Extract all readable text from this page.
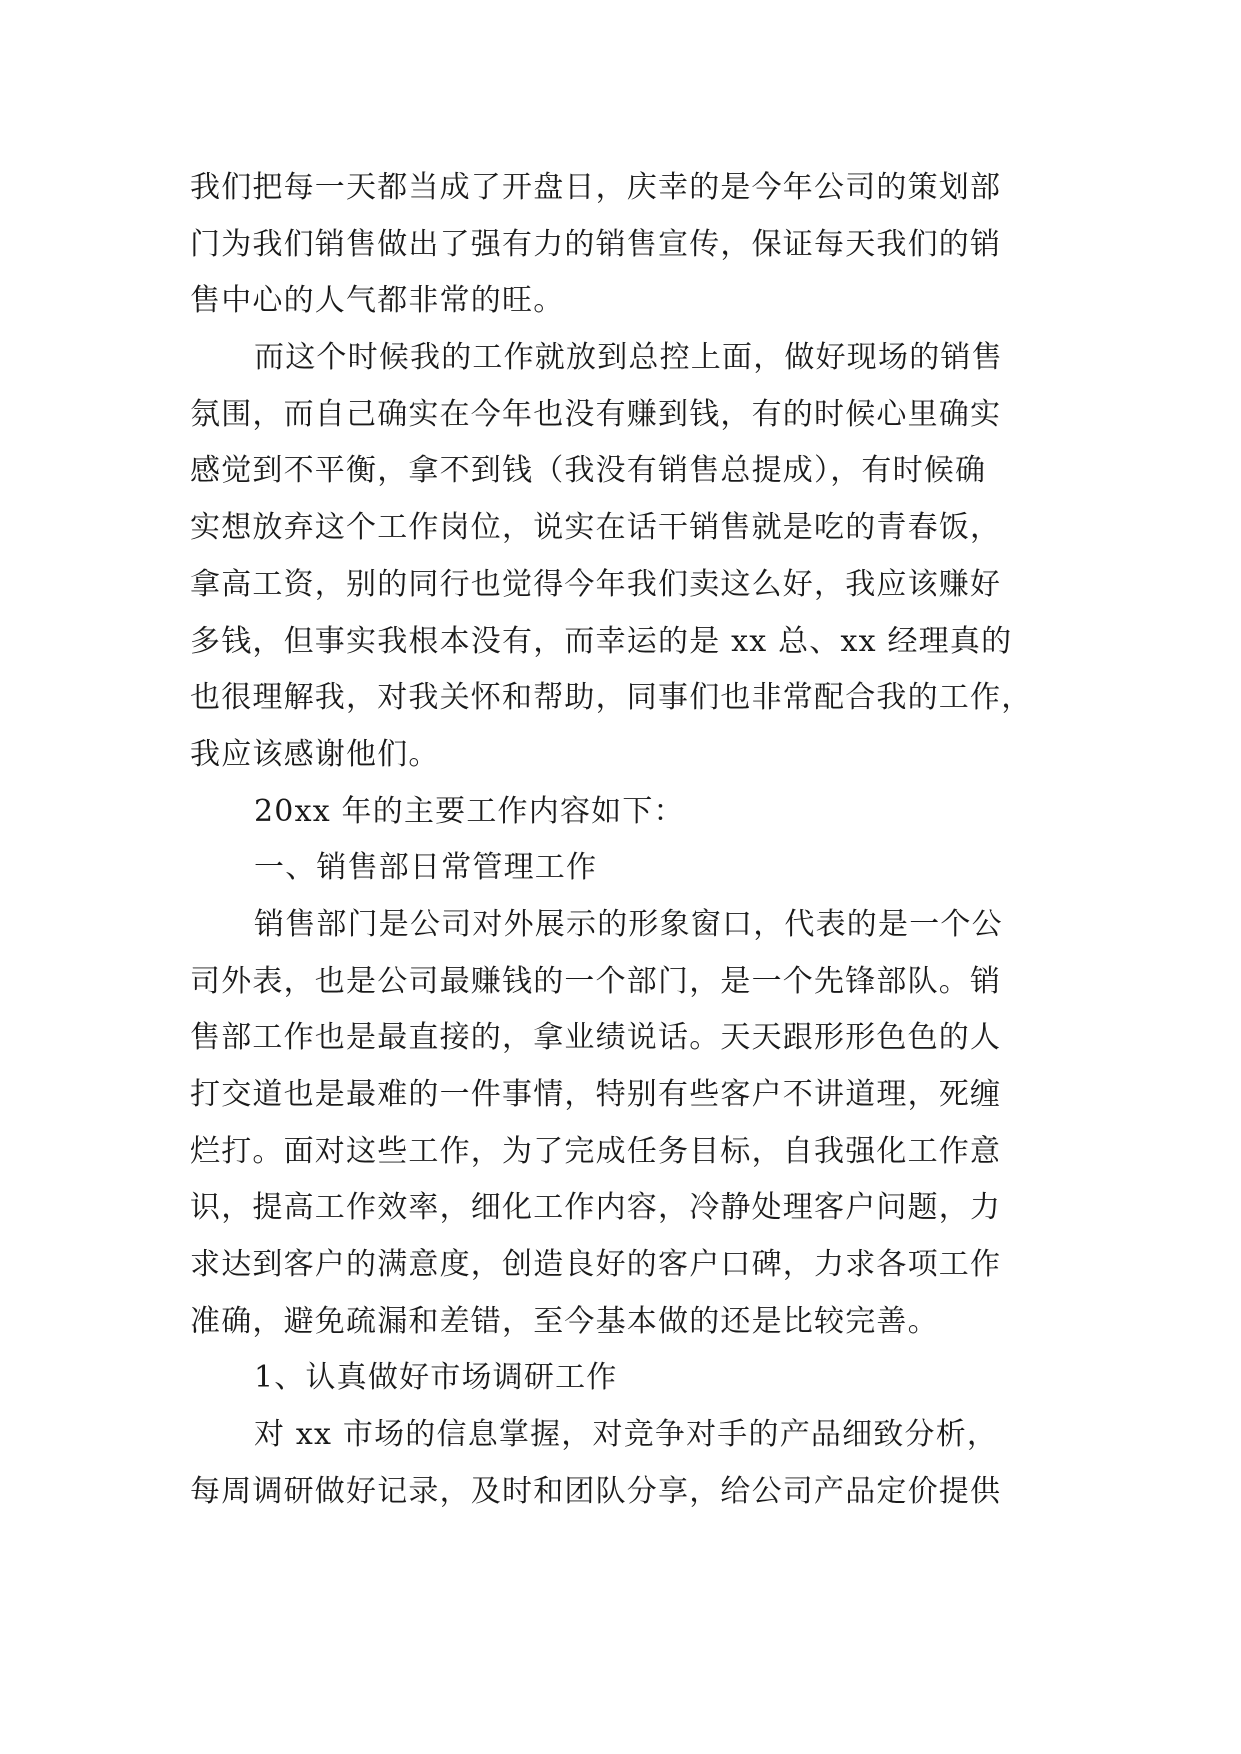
我们把每一天都当成了开盘日，庆幸的是今年公司的策划部
门为我们销售做出了强有力的销售宣传，保证每天我们的销
售中心的人气都非常的旺。
而这个时候我的工作就放到总控上面，做好现场的销售
氛围，而自己确实在今年也没有赚到钱，有的时候心里确实
感觉到不平衡，拿不到钱（我没有销售总提成），有时候确
实想放弃这个工作岗位，说实在话干销售就是吃的青春饭，
拿高工资，别的同行也觉得今年我们卖这么好，我应该赚好
多钱，但事实我根本没有，而幸运的是 xx 总、xx 经理真的
也很理解我，对我关怀和帮助，同事们也非常配合我的工作，
我应该感谢他们。
20xx 年的主要工作内容如下：
一、销售部日常管理工作
销售部门是公司对外展示的形象窗口，代表的是一个公
司外表，也是公司最赚钱的一个部门，是一个先锋部队。销
售部工作也是最直接的，拿业绩说话。天天跟形形色色的人
打交道也是最难的一件事情，特别有些客户不讲道理，死缠
烂打。面对这些工作，为了完成任务目标，自我强化工作意
识，提高工作效率，细化工作内容，冷静处理客户问题，力
求达到客户的满意度，创造良好的客户口碑，力求各项工作
准确，避免疏漏和差错，至今基本做的还是比较完善。
1、认真做好市场调研工作
对 xx 市场的信息掌握，对竞争对手的产品细致分析，
每周调研做好记录，及时和团队分享，给公司产品定价提供
